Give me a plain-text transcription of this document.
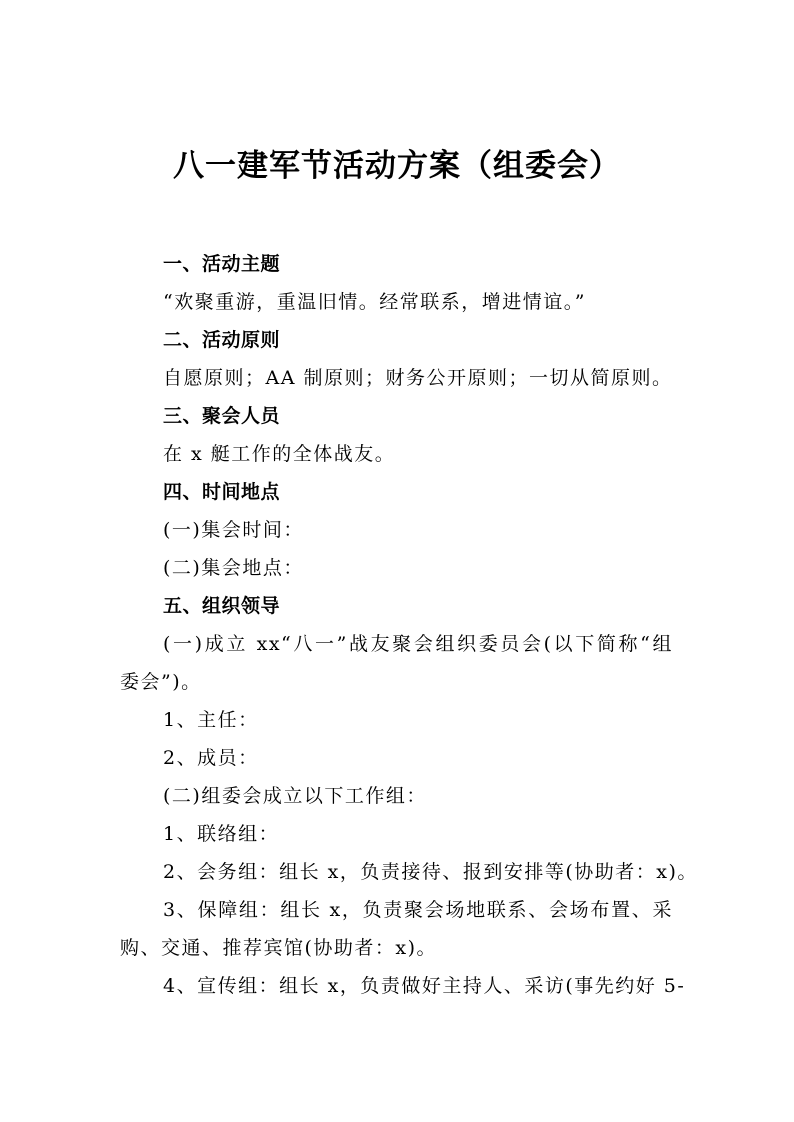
八一建军节活动方案（组委会）
一、活动主题
“欢聚重游，重温旧情。经常联系，增进情谊。”
二、活动原则
自愿原则；AA 制原则；财务公开原则；一切从简原则。
三、聚会人员
在 x 艇工作的全体战友。
四、时间地点
(一)集会时间：
(二)集会地点：
五、组织领导
(一)成立 xx“八一”战友聚会组织委员会(以下简称“组
委会”)。
1、主任：
2、成员：
(二)组委会成立以下工作组：
1、联络组：
2、会务组：组长 x，负责接待、报到安排等(协助者：x)。
3、保障组：组长 x，负责聚会场地联系、会场布置、采
购、交通、推荐宾馆(协助者：x)。
4、宣传组：组长 x，负责做好主持人、采访(事先约好 5-
